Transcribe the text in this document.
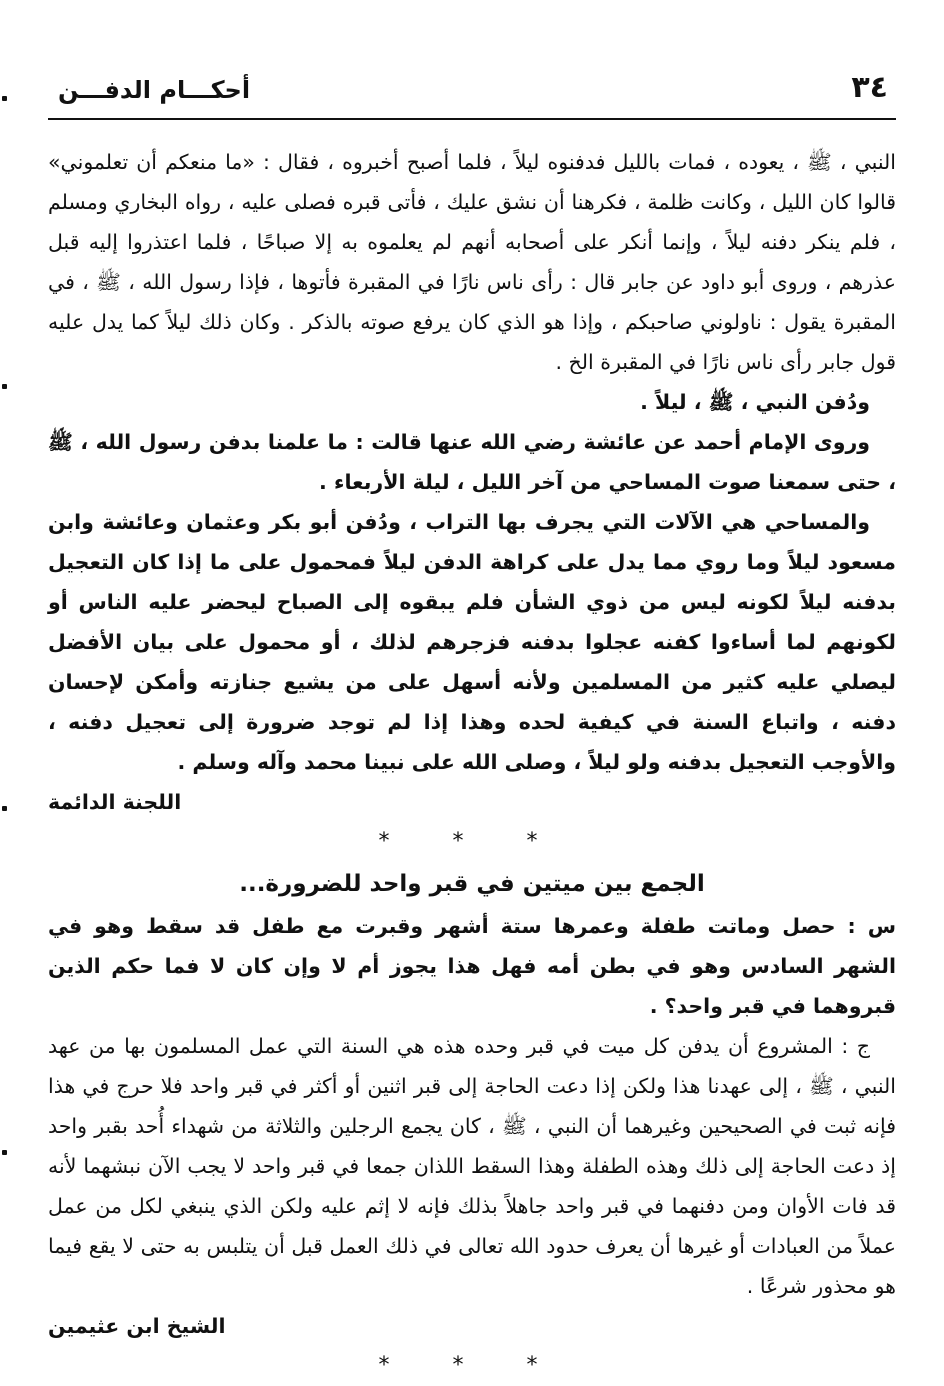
٣٤
أحكـــام الدفـــن

النبي ، ﷺ ، يعوده ، فمات بالليل فدفنوه ليلاً ، فلما أصبح أخبروه ، فقال : «ما منعكم أن تعلموني» قالوا كان الليل ، وكانت ظلمة ، فكرهنا أن نشق عليك ، فأتى قبره فصلى عليه ، رواه البخاري ومسلم ، فلم ينكر دفنه ليلاً ، وإنما أنكر على أصحابه أنهم لم يعلموه به إلا صباحًا ، فلما اعتذروا إليه قبل عذرهم ، وروى أبو داود عن جابر قال : رأى ناس نارًا في المقبرة فأتوها ، فإذا رسول الله ، ﷺ ، في المقبرة يقول : ناولوني صاحبكم ، وإذا هو الذي كان يرفع صوته بالذكر . وكان ذلك ليلاً كما يدل عليه قول جابر رأى ناس نارًا في المقبرة الخ .

ودُفن النبي ، ﷺ ، ليلاً .

وروى الإمام أحمد عن عائشة رضي الله عنها قالت : ما علمنا بدفن رسول الله ، ﷺ ، حتى سمعنا صوت المساحي من آخر الليل ، ليلة الأربعاء .

والمساحي هي الآلات التي يجرف بها التراب ، ودُفن أبو بكر وعثمان وعائشة وابن مسعود ليلاً وما روي مما يدل على كراهة الدفن ليلاً فمحمول على ما إذا كان التعجيل بدفنه ليلاً لكونه ليس من ذوي الشأن فلم يبقوه إلى الصباح ليحضر عليه الناس أو لكونهم لما أساءوا كفنه عجلوا بدفنه فزجرهم لذلك ، أو محمول على بيان الأفضل ليصلي عليه كثير من المسلمين ولأنه أسهل على من يشيع جنازته وأمكن لإحسان دفنه ، واتباع السنة في كيفية لحده وهذا إذا لم توجد ضرورة إلى تعجيل دفنه ، والأوجب التعجيل بدفنه ولو ليلاً ، وصلى الله على نبينا محمد وآله وسلم .

اللجنة الدائمة

* * *

الجمع بين ميتين في قبر واحد للضرورة...

س : حصل وماتت طفلة وعمرها ستة أشهر وقبرت مع طفل قد سقط وهو في الشهر السادس وهو في بطن أمه فهل هذا يجوز أم لا وإن كان لا فما حكم الذين قبروهما في قبر واحد؟ .

ج : المشروع أن يدفن كل ميت في قبر وحده هذه هي السنة التي عمل المسلمون بها من عهد النبي ، ﷺ ، إلى عهدنا هذا ولكن إذا دعت الحاجة إلى قبر اثنين أو أكثر في قبر واحد فلا حرج في هذا فإنه ثبت في الصحيحين وغيرهما أن النبي ، ﷺ ، كان يجمع الرجلين والثلاثة من شهداء أُحد بقبر واحد إذ دعت الحاجة إلى ذلك وهذه الطفلة وهذا السقط اللذان جمعا في قبر واحد لا يجب الآن نبشهما لأنه قد فات الأوان ومن دفنهما في قبر واحد جاهلاً بذلك فإنه لا إثم عليه ولكن الذي ينبغي لكل من عمل عملاً من العبادات أو غيرها أن يعرف حدود الله تعالى في ذلك العمل قبل أن يتلبس به حتى لا يقع فيما هو محذور شرعًا .

الشيخ ابن عثيمين

* * *
